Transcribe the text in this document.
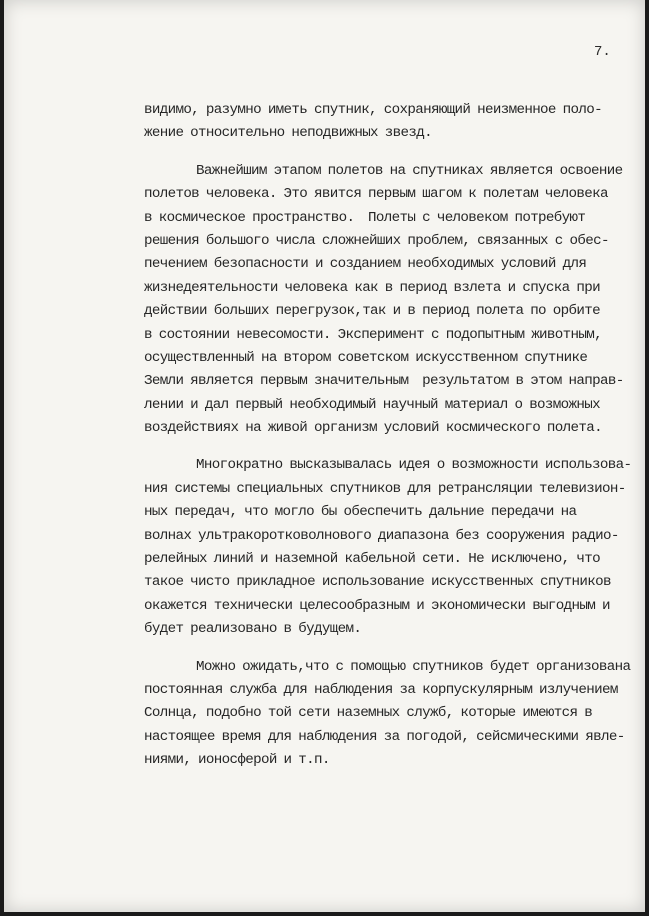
7.
видимо, разумно иметь спутник, сохраняющий неизменное поло-
жение относительно неподвижных звезд.
Важнейшим этапом полетов на спутниках является освоение
полетов человека. Это явится первым шагом к полетам человека
в космическое пространство.  Полеты с человеком потребуют
решения большого числа сложнейших проблем, связанных с обес-
печением безопасности и созданием необходимых условий для
жизнедеятельности человека как в период взлета и спуска при
действии больших перегрузок,так и в период полета по орбите
в состоянии невесомости. Эксперимент с подопытным животным,
осуществленный на втором советском искусственном спутнике
Земли является первым значительным  результатом в этом направ-
лении и дал первый необходимый научный материал о возможных
воздействиях на живой организм условий космического полета.
Многократно высказывалась идея о возможности использова-
ния системы специальных спутников для ретрансляции телевизион-
ных передач, что могло бы обеспечить дальние передачи на
волнах ультракоротковолнового диапазона без сооружения радио-
релейных линий и наземной кабельной сети. Не исключено, что
такое чисто прикладное использование искусственных спутников
окажется технически целесообразным и экономически выгодным и
будет реализовано в будущем.
Можно ожидать,что с помощью спутников будет организована
постоянная служба для наблюдения за корпускулярным излучением
Солнца, подобно той сети наземных служб, которые имеются в
настоящее время для наблюдения за погодой, сейсмическими явле-
ниями, ионосферой и т.п.
